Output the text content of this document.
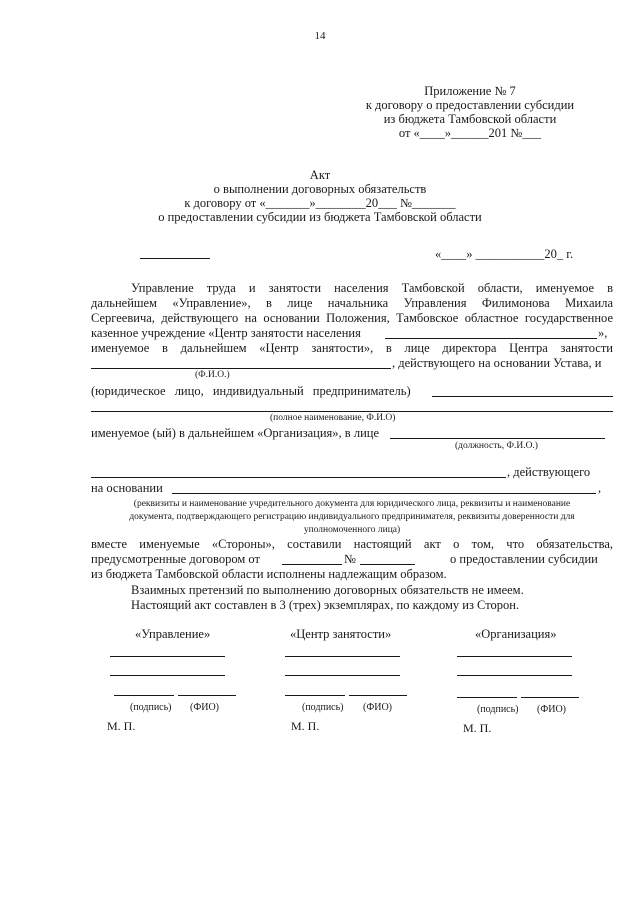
14
Приложение № 7
к договору о предоставлении субсидии
из бюджета Тамбовской области
от «____»______201 №___
Акт
о выполнении договорных обязательств
к договору от «_______»________20___ №_______
о предоставлении субсидии из бюджета Тамбовской области
«____» ___________20_ г.
Управление труда и занятости населения Тамбовской области, именуемое в
дальнейшем «Управление», в лице начальника Управления Филимонова Михаила
Сергеевича, действующего на основании Положения, Тамбовское областное государственное
казенное учреждение «Центр занятости населения	»,
именуемое в дальнейшем «Центр занятости», в лице директора Центра занятости
, действующего на основании Устава, и
(Ф.И.О.)
(юридическое лицо, индивидуальный предприниматель)
(полное наименование, Ф.И.О)
именуемое (ый) в дальнейшем «Организация», в лице
(должность, Ф.И.О.)
, действующего
на основании	,
(реквизиты и наименование учредительного документа для юридического лица, реквизиты и наименование
документа, подтверждающего регистрацию индивидуального предпринимателя, реквизиты доверенности для
уполномоченного лица)
вместе именуемые «Стороны», составили настоящий акт о том, что обязательства,
предусмотренные договором от	№	о предоставлении субсидии
из бюджета Тамбовской области исполнены надлежащим образом.
Взаимных претензий по выполнению договорных обязательств не имеем.
Настоящий акт составлен в 3 (трех) экземплярах, по каждому из Сторон.
«Управление»	«Центр занятости»	«Организация»
(подпись) (ФИО)	(подпись) (ФИО)	(подпись) (ФИО)
М. П.	М. П.	М. П.
